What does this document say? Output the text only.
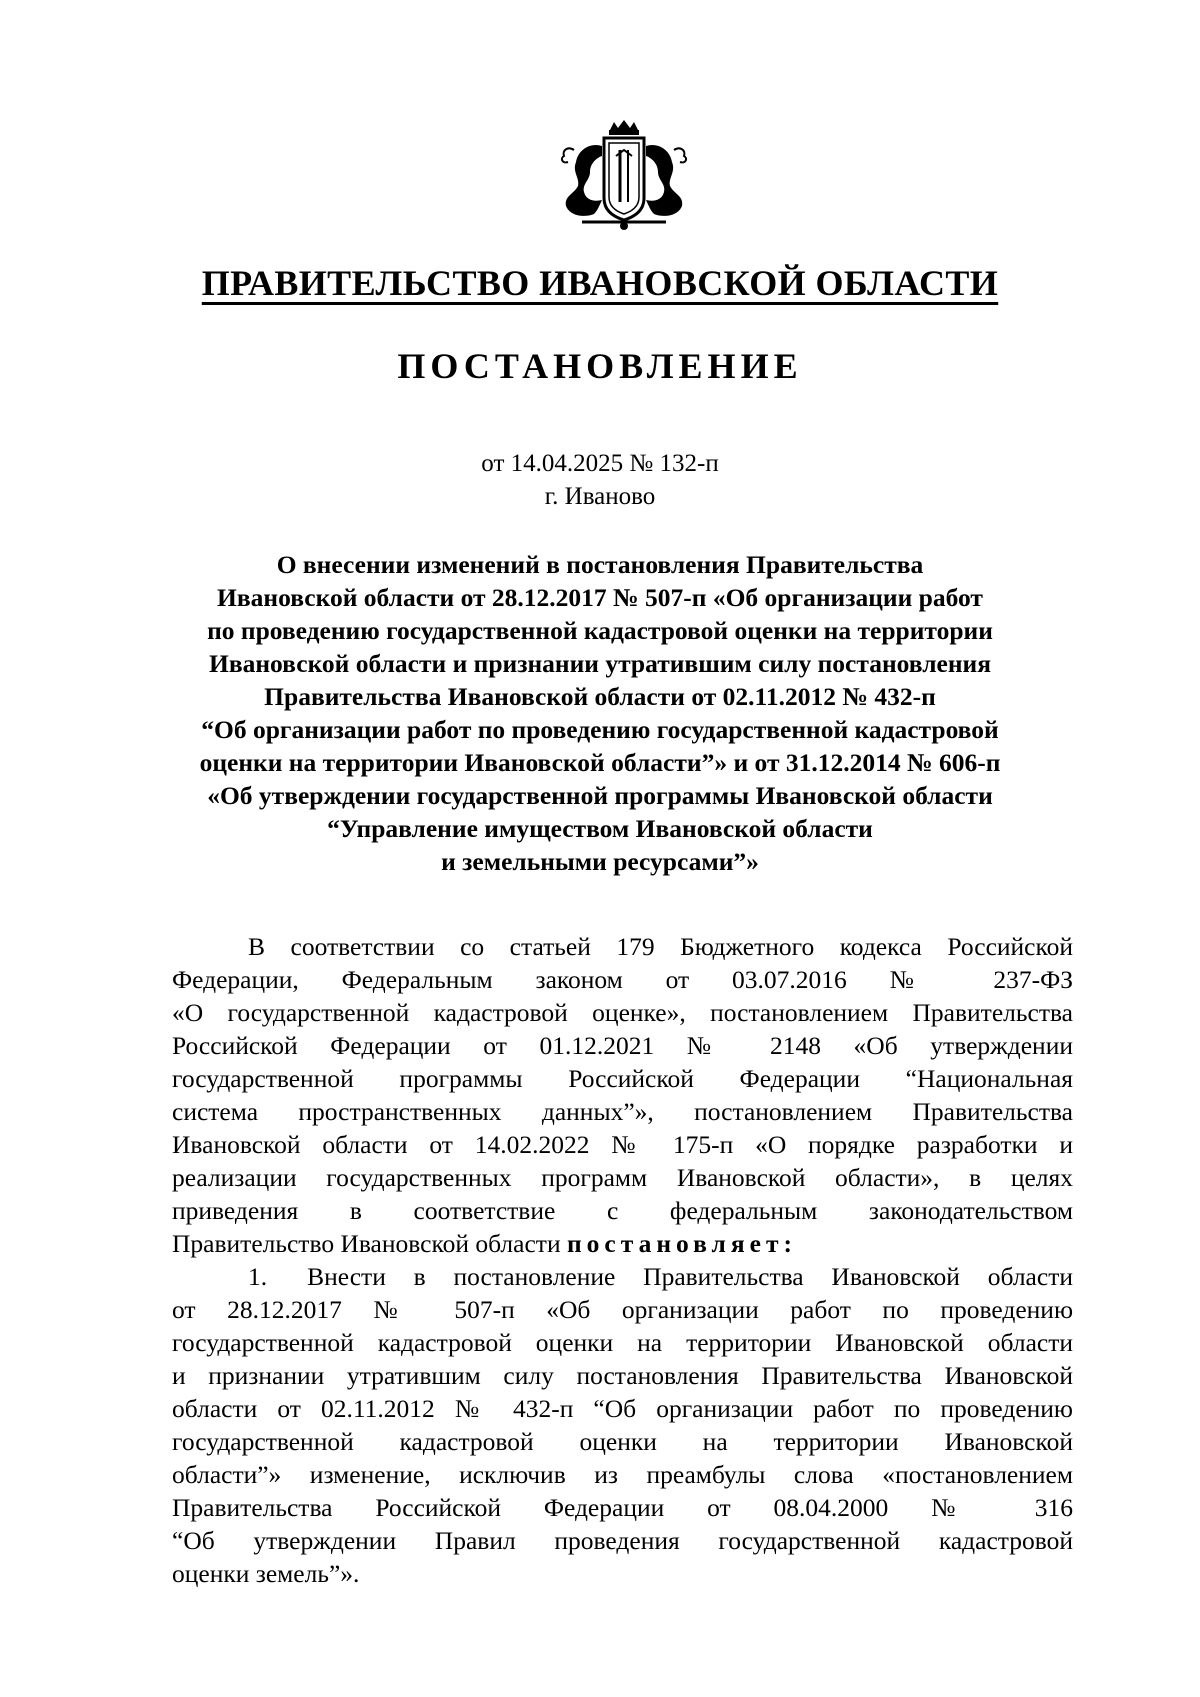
ПРАВИТЕЛЬСТВО ИВАНОВСКОЙ ОБЛАСТИ
ПОСТАНОВЛЕНИЕ
от 14.04.2025 № 132-п
г. Иваново
О внесении изменений в постановления Правительства
Ивановской области от 28.12.2017 № 507-п «Об организации работ
по проведению государственной кадастровой оценки на территории
Ивановской области и признании утратившим силу постановления
Правительства Ивановской области от 02.11.2012 № 432-п
“Об организации работ по проведению государственной кадастровой
оценки на территории Ивановской области”» и от 31.12.2014 № 606-п
«Об утверждении государственной программы Ивановской области
“Управление имуществом Ивановской области
и земельными ресурсами”»
В соответствии со статьей 179 Бюджетного кодекса Российской
Федерации, Федеральным законом от 03.07.2016 № 237-ФЗ
«О государственной кадастровой оценке», постановлением Правительства
Российской Федерации от 01.12.2021 № 2148 «Об утверждении
государственной программы Российской Федерации “Национальная
система пространственных данных”», постановлением Правительства
Ивановской области от 14.02.2022 № 175-п «О порядке разработки и
реализации государственных программ Ивановской области», в целях
приведения в соответствие с федеральным законодательством
Правительство Ивановской области постановляет:
1. Внести в постановление Правительства Ивановской области
от 28.12.2017 № 507-п «Об организации работ по проведению
государственной кадастровой оценки на территории Ивановской области
и признании утратившим силу постановления Правительства Ивановской
области от 02.11.2012 № 432-п “Об организации работ по проведению
государственной кадастровой оценки на территории Ивановской
области”» изменение, исключив из преамбулы слова «постановлением
Правительства Российской Федерации от 08.04.2000 № 316
“Об утверждении Правил проведения государственной кадастровой
оценки земель”».
